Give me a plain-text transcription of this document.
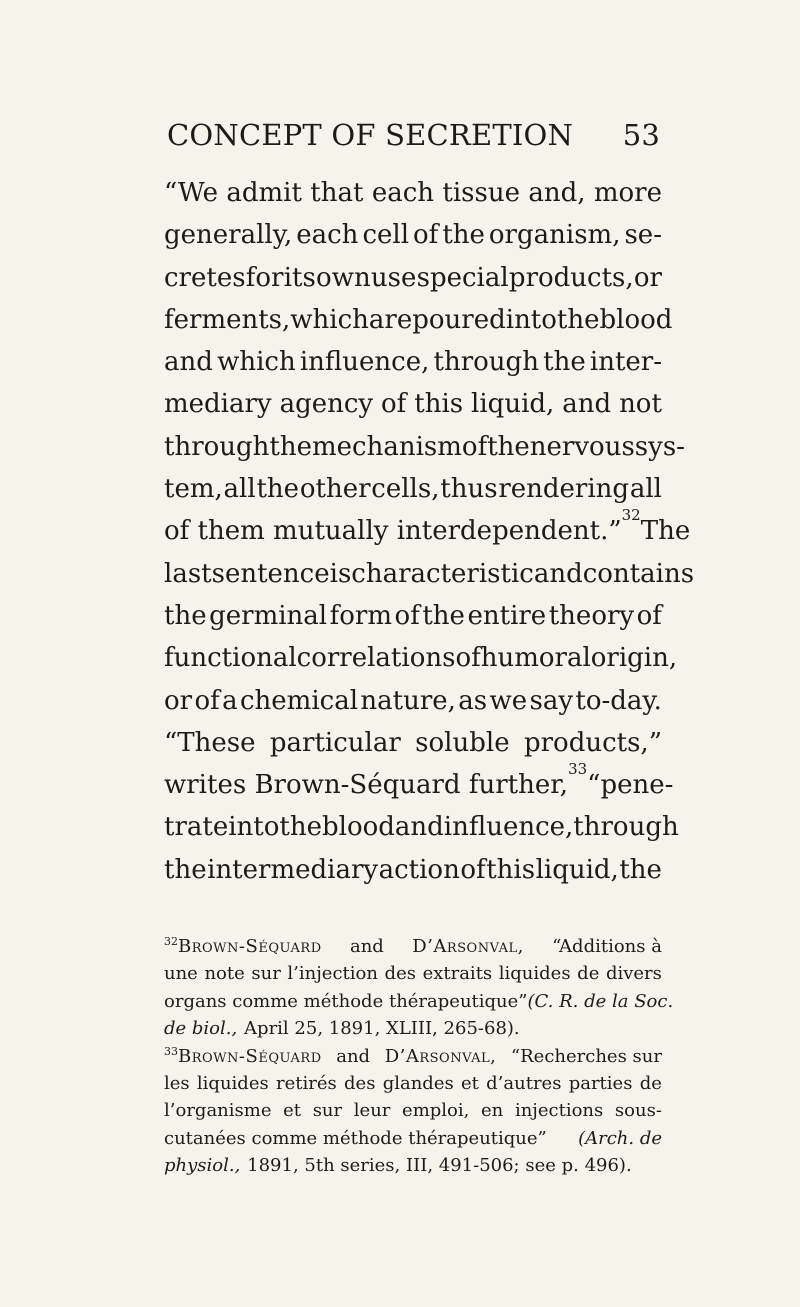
CONCEPT OF SECRETION 53
“We admit that each tissue and, more
generally, each cell of the organism, se-
cretes for its own use special products, or
ferments, which are poured into the blood
and which influence, through the inter-
mediary agency of this liquid, and not
through the mechanism of the nervous sys-
tem, all the other cells, thus rendering all
of them mutually interdependent.”
$^{32}$
The
last sentence is characteristic and contains
the germinal form of the entire theory of
functional correlations of humoral origin,
or of a chemical nature, as we say to-day.
“These particular soluble products,”
writes Brown-Séquard further,$^{33}$
“pene-
trate into the blood and influence, through
the intermediary action of this liquid, the
$^{32}$Brown-Séquard and D’Arsonval, “Additions à
une note sur l’injection des extraits liquides de divers
organs comme méthode thérapeutique” (C. R. de la Soc.
de biol., April 25, 1891, XLIII, 265-68).
$^{33}$Brown-Séquard and D’Arsonval, “Recherches sur
les liquides retirés des glandes et d’autres parties de
l’organisme et sur leur emploi, en injections sous-
cutanées comme méthode thérapeutique” (Arch. de
physiol., 1891, 5th series, III, 491-506; see p. 496).
